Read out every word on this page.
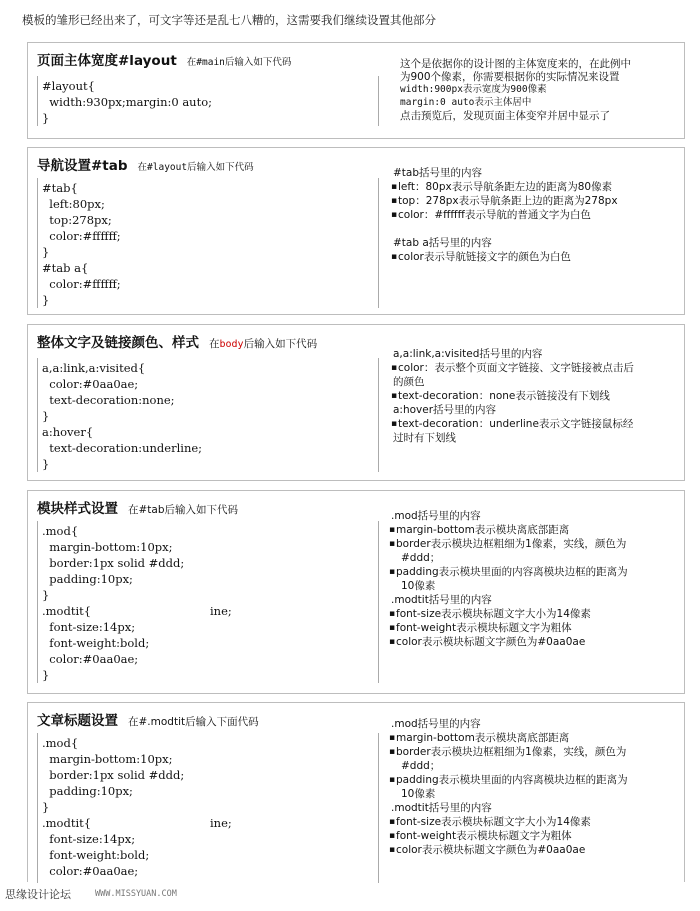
模板的雏形已经出来了，可文字等还是乱七八糟的，这需要我们继续设置其他部分
页面主体宽度#layout 在#main后输入如下代码
#layout{
width:930px;margin:0 auto;
}
这个是依据你的设计图的主体宽度来的，在此例中
为900个像素，你需要根据你的实际情况来设置
width:900px表示宽度为900像素
margin:0 auto表示主体居中
点击预览后，发现页面主体变窄并居中显示了
导航设置#tab 在#layout后输入如下代码
#tab{
left:80px;
top:278px;
color:#ffffff;
}
#tab a{
color:#ffffff;
}
#tab括号里的内容
▪ left：80px表示导航条距左边的距离为80像素
▪ top：278px表示导航条距上边的距离为278px
▪ color：#ffffff表示导航的普通文字为白色
#tab a括号里的内容
▪ color表示导航链接文字的颜色为白色
整体文字及链接颜色、样式 在body后输入如下代码
a,a:link,a:visited{
color:#0aa0ae;
text-decoration:none;
}
a:hover{
text-decoration:underline;
}
a,a:link,a:visited括号里的内容
▪ color：表示整个页面文字链接、文字链接被点击后
的颜色
▪ text-decoration：none表示链接没有下划线
a:hover括号里的内容
▪ text-decoration：underline表示文字链接鼠标经
过时有下划线
模块样式设置 在#tab后输入如下代码
.mod{
margin-bottom:10px;
border:1px solid #ddd;
padding:10px;
}
.modtit{	ine;
font-size:14px;
font-weight:bold;
color:#0aa0ae;
}
.mod括号里的内容
▪ margin-bottom表示模块离底部距离
▪ border表示模块边框粗细为1像素，实线，颜色为
#ddd；
▪ padding表示模块里面的内容离模块边框的距离为
10像素
.modtit括号里的内容
▪ font-size表示模块标题文字大小为14像素
▪ font-weight表示模块标题文字为粗体
▪ color表示模块标题文字颜色为#0aa0ae
文章标题设置 在#.modtit后输入下面代码
.mod{
margin-bottom:10px;
border:1px solid #ddd;
padding:10px;
}
.modtit{	ine;
font-size:14px;
font-weight:bold;
color:#0aa0ae;
.mod括号里的内容
▪ margin-bottom表示模块离底部距离
▪ border表示模块边框粗细为1像素，实线，颜色为
#ddd；
▪ padding表示模块里面的内容离模块边框的距离为
10像素
.modtit括号里的内容
▪ font-size表示模块标题文字大小为14像素
▪ font-weight表示模块标题文字为粗体
▪ color表示模块标题文字颜色为#0aa0ae
思缘设计论坛	WWW.MISSYUAN.COM
